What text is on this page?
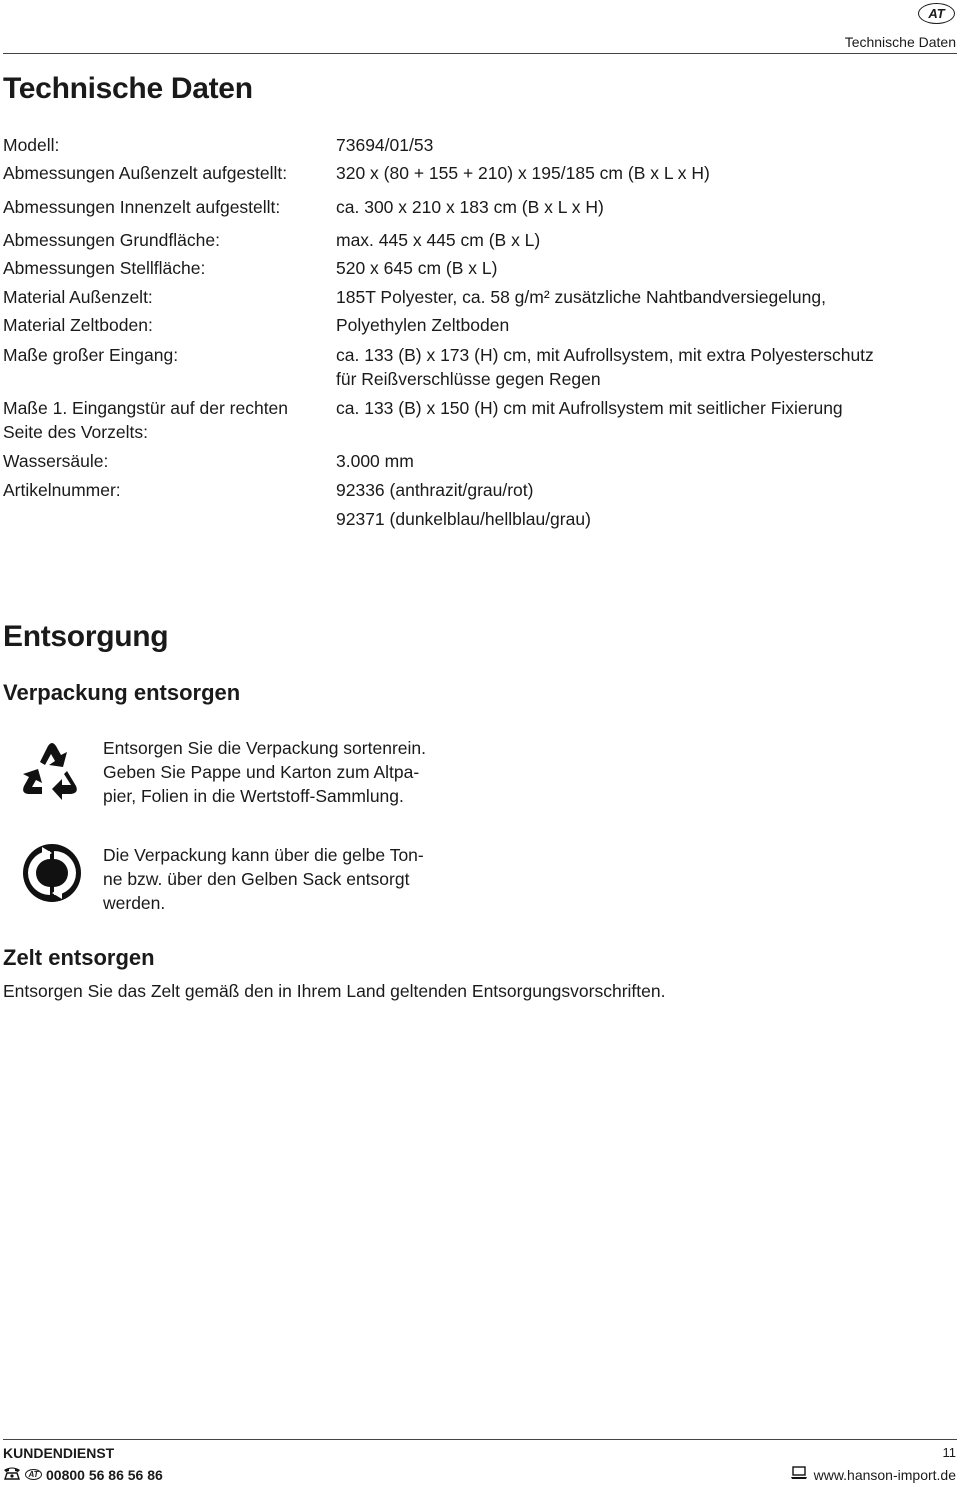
AT
Technische Daten
Technische Daten
Modell:	73694/01/53
Abmessungen Außenzelt aufgestellt:	320 x (80 + 155 + 210) x 195/185 cm (B x L x H)
Abmessungen Innenzelt aufgestellt:	ca. 300 x 210 x 183 cm (B x L x H)
Abmessungen Grundfläche:	max. 445 x 445 cm (B x L)
Abmessungen Stellfläche:	520 x 645 cm (B x L)
Material Außenzelt:	185T Polyester, ca. 58 g/m² zusätzliche Nahtbandversiegelung,
Material Zeltboden:	Polyethylen Zeltboden
Maße großer Eingang:	ca. 133 (B) x 173 (H) cm, mit Aufrollsystem, mit extra Polyesterschutz
für Reißverschlüsse gegen Regen
Maße 1. Eingangstür auf der rechten
Seite des Vorzelts:
ca. 133 (B) x 150 (H) cm mit Aufrollsystem mit seitlicher Fixierung
Wassersäule:	3.000 mm
Artikelnummer:	92336 (anthrazit/grau/rot)
92371 (dunkelblau/hellblau/grau)
Entsorgung
Verpackung entsorgen
Entsorgen Sie die Verpackung sortenrein.
Geben Sie Pappe und Karton zum Altpa-
pier, Folien in die Wertstoff-Sammlung.
Die Verpackung kann über die gelbe Ton-
ne bzw. über den Gelben Sack entsorgt
werden.
Zelt entsorgen
Entsorgen Sie das Zelt gemäß den in Ihrem Land geltenden Entsorgungsvorschriften.
KUNDENDIENST	11
AT 00800 56 86 56 86	www.hanson-import.de
